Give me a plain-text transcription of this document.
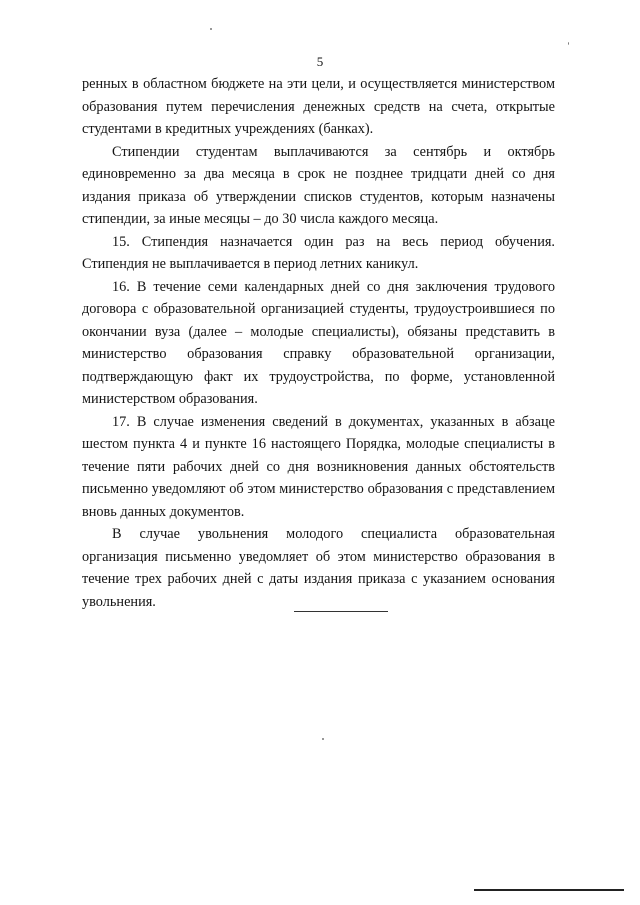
5

ренных в областном бюджете на эти цели, и осуществляется министерством образования путем перечисления денежных средств на счета, открытые студентами в кредитных учреждениях (банках).

Стипендии студентам выплачиваются за сентябрь и октябрь единовременно за два месяца в срок не позднее тридцати дней со дня издания приказа об утверждении списков студентов, которым назначены стипендии, за иные месяцы – до 30 числа каждого месяца.

15. Стипендия назначается один раз на весь период обучения. Стипендия не выплачивается в период летних каникул.

16. В течение семи календарных дней со дня заключения трудового договора с образовательной организацией студенты, трудоустроившиеся по окончании вуза (далее – молодые специалисты), обязаны представить в министерство образования справку образовательной организации, подтверждающую факт их трудоустройства, по форме, установленной министерством образования.

17. В случае изменения сведений в документах, указанных в абзаце шестом пункта 4 и пункте 16 настоящего Порядка, молодые специалисты в течение пяти рабочих дней со дня возникновения данных обстоятельств письменно уведомляют об этом министерство образования с представлением вновь данных документов.

В случае увольнения молодого специалиста образовательная организация письменно уведомляет об этом министерство образования в течение трех рабочих дней с даты издания приказа с указанием основания увольнения.
